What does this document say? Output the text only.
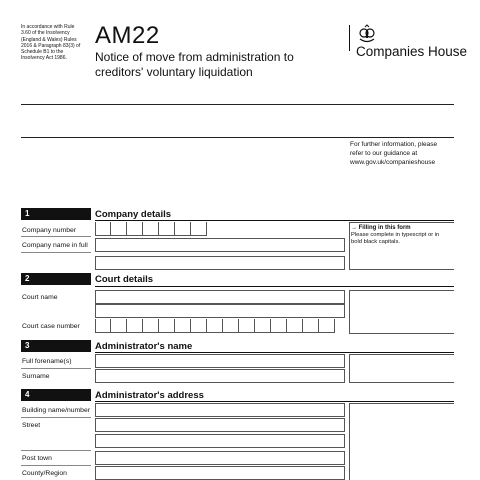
In accordance with Rule 3.60 of the Insolvency (England & Wales) Rules 2016 & Paragraph 83(3) of Schedule B1 to the Insolvency Act 1986.
AM22
Notice of move from administration to creditors' voluntary liquidation
Companies House
For further information, please
refer to our guidance at
www.gov.uk/companieshouse
1	Company details
Company number
Company name in full
→ Filling in this form
Please complete in typescript or in bold black capitals.
2	Court details
Court name
Court case number
3	Administrator's name
Full forename(s)
Surname
4	Administrator's address
Building name/number
Street
Post town
County/Region
